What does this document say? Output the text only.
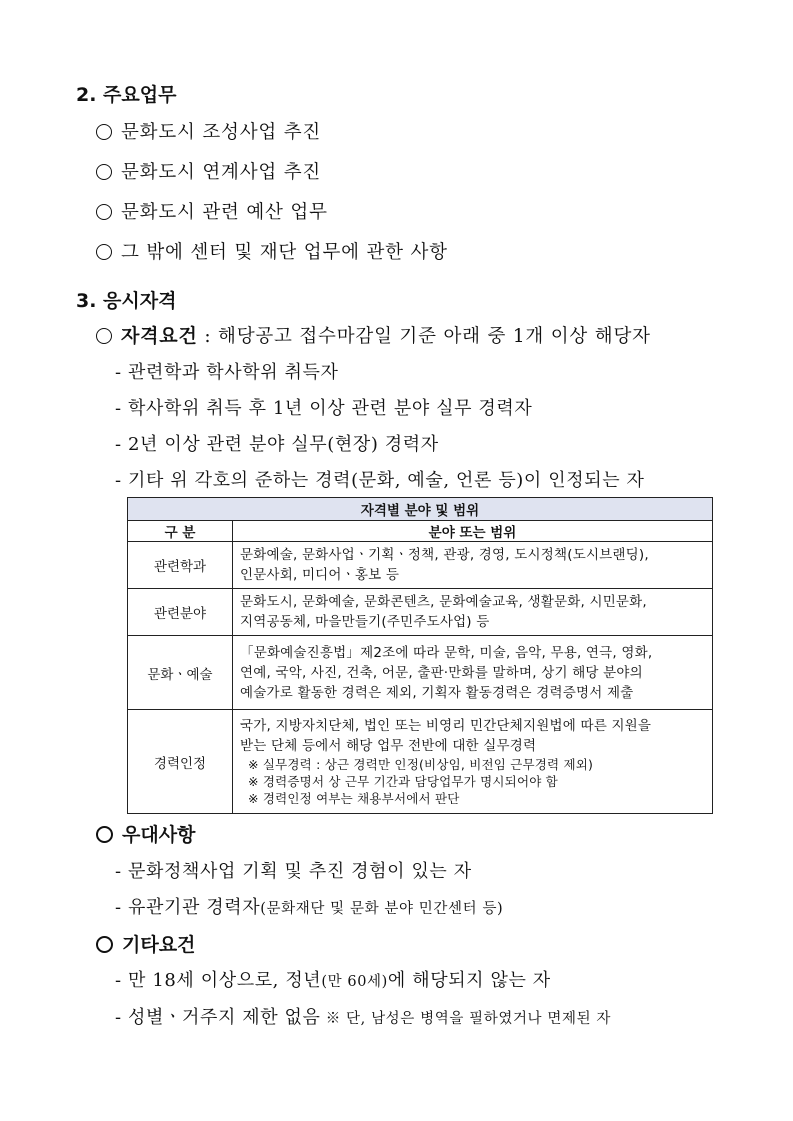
2. 주요업무
문화도시 조성사업 추진
문화도시 연계사업 추진
문화도시 관련 예산 업무
그 밖에 센터 및 재단 업무에 관한 사항
3. 응시자격
자격요건 : 해당공고 접수마감일 기준 아래 중 1개 이상 해당자
- 관련학과 학사학위 취득자
- 학사학위 취득 후 1년 이상 관련 분야 실무 경력자
- 2년 이상 관련 분야 실무(현장) 경력자
- 기타 위 각호의 준하는 경력(문화, 예술, 언론 등)이 인정되는 자
자격별 분야 및 범위	
구 분	분야 또는 범위
관련학과	문화예술, 문화사업ㆍ기획ㆍ정책, 관광, 경영, 도시정책(도시브랜딩),
인문사회, 미디어ㆍ홍보 등

관련분야	문화도시, 문화예술, 문화콘텐츠, 문화예술교육, 생활문화, 시민문화,
지역공동체, 마을만들기(주민주도사업) 등

문화ㆍ예술	「문화예술진흥법」제2조에 따라 문학, 미술, 음악, 무용, 연극, 영화,
연예, 국악, 사진, 건축, 어문, 출판·만화를 말하며, 상기 해당 분야의
예술가로 활동한 경력은 제외, 기획자 활동경력은 경력증명서 제출

경력인정	국가, 지방자치단체, 법인 또는 비영리 민간단체지원법에 따른 지원을
받는 단체 등에서 해당 업무 전반에 대한 실무경력
※ 실무경력 : 상근 경력만 인정(비상임, 비전임 근무경력 제외)
※ 경력증명서 상 근무 기간과 담당업무가 명시되어야 함
※ 경력인정 여부는 채용부서에서 판단
우대사항
- 문화정책사업 기획 및 추진 경험이 있는 자
- 유관기관 경력자(문화재단 및 문화 분야 민간센터 등)
기타요건
- 만 18세 이상으로, 정년(만 60세)에 해당되지 않는 자
- 성별ㆍ거주지 제한 없음 ※ 단, 남성은 병역을 필하였거나 면제된 자
